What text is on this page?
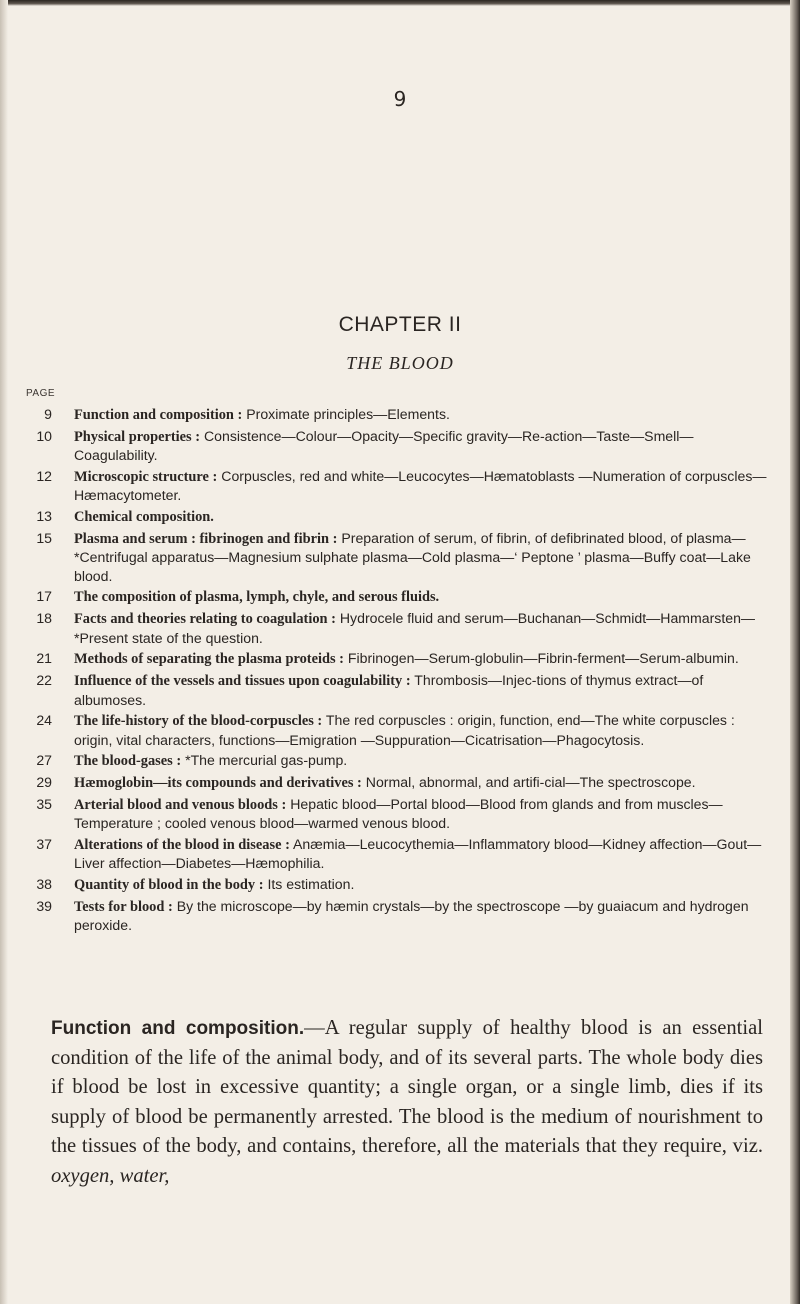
9
CHAPTER II
THE BLOOD
PAGE
9 Function and composition : Proximate principles—Elements.
10 Physical properties : Consistence—Colour—Opacity—Specific gravity—Re-action—Taste—Smell—Coagulability.
12 Microscopic structure : Corpuscles, red and white—Leucocytes—Hæmatoblasts —Numeration of corpuscles—Hæmacytometer.
13 Chemical composition.
15 Plasma and serum : fibrinogen and fibrin : Preparation of serum, of fibrin, of defibrinated blood, of plasma—*Centrifugal apparatus—Magnesium sulphate plasma—Cold plasma—‘ Peptone ’ plasma—Buffy coat—Lake blood.
17 The composition of plasma, lymph, chyle, and serous fluids.
18 Facts and theories relating to coagulation : Hydrocele fluid and serum—Buchanan—Schmidt—Hammarsten—*Present state of the question.
21 Methods of separating the plasma proteids : Fibrinogen—Serum-globulin—Fibrin-ferment—Serum-albumin.
22 Influence of the vessels and tissues upon coagulability : Thrombosis—Injec-tions of thymus extract—of albumoses.
24 The life-history of the blood-corpuscles : The red corpuscles : origin, function, end—The white corpuscles : origin, vital characters, functions—Emigration —Suppuration—Cicatrisation—Phagocytosis.
27 The blood-gases : *The mercurial gas-pump.
29 Hæmoglobin—its compounds and derivatives : Normal, abnormal, and artifi-cial—The spectroscope.
35 Arterial blood and venous bloods : Hepatic blood—Portal blood—Blood from glands and from muscles—Temperature ; cooled venous blood—warmed venous blood.
37 Alterations of the blood in disease : Anæmia—Leucocythemia—Inflammatory blood—Kidney affection—Gout—Liver affection—Diabetes—Hæmophilia.
38 Quantity of blood in the body : Its estimation.
39 Tests for blood : By the microscope—by hæmin crystals—by the spectroscope —by guaiacum and hydrogen peroxide.

Function and composition.—A regular supply of healthy blood is an essential condition of the life of the animal body, and of its several parts. The whole body dies if blood be lost in excessive quantity; a single organ, or a single limb, dies if its supply of blood be permanently arrested. The blood is the medium of nourishment to the tissues of the body, and contains, therefore, all the materials that they require, viz. oxygen, water,
